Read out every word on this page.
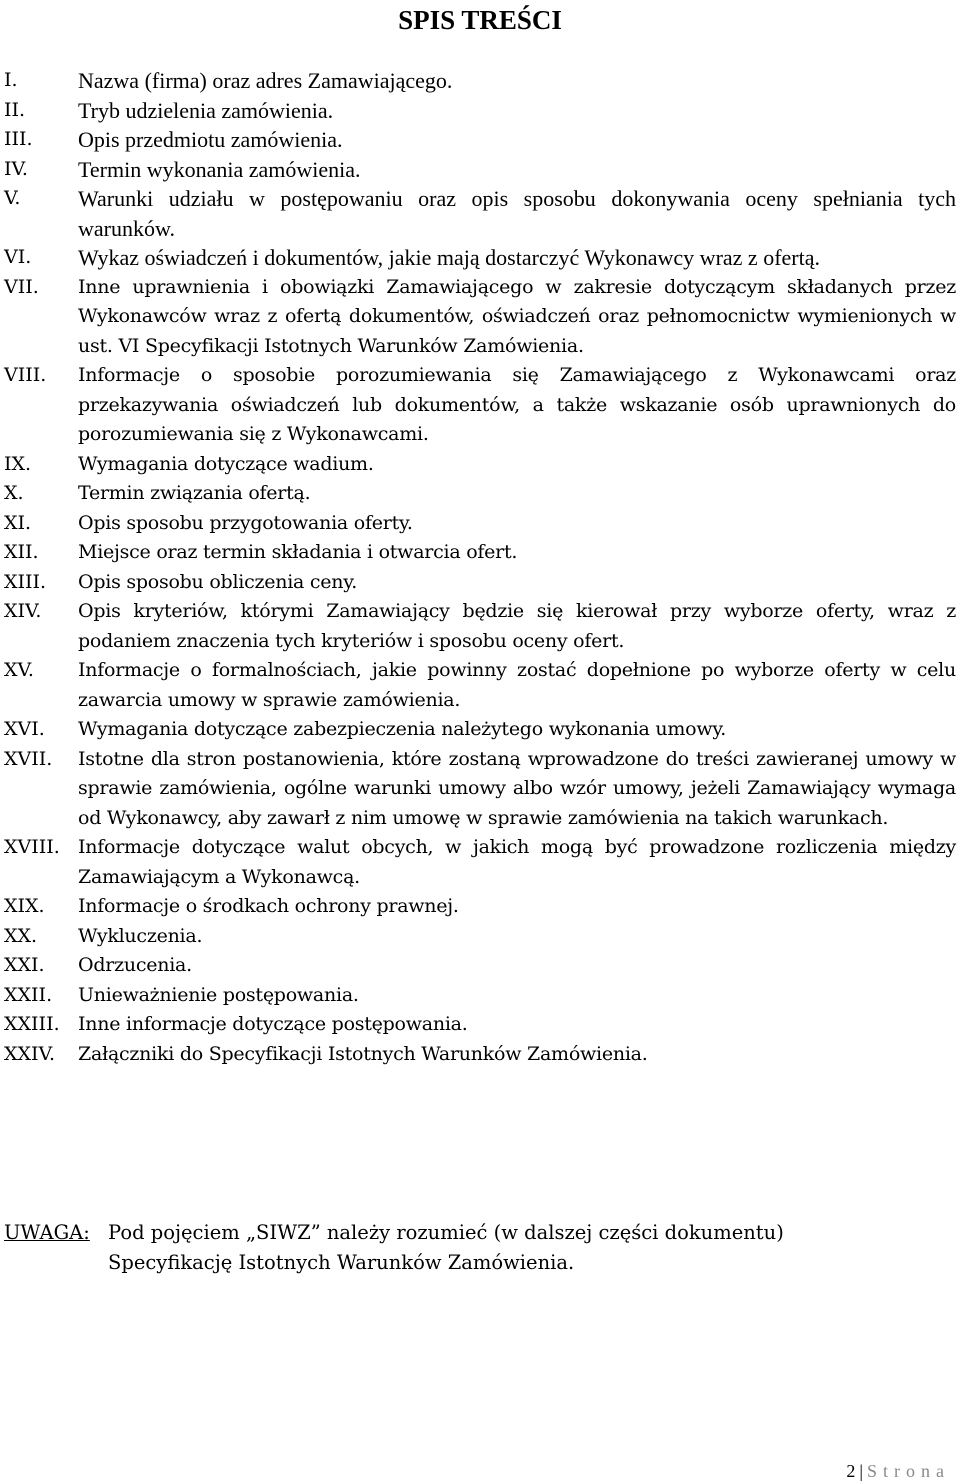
SPIS TREŚCI
I.	Nazwa (firma) oraz adres Zamawiającego.
II.	Tryb udzielenia zamówienia.
III.	Opis przedmiotu zamówienia.
IV.	Termin wykonania zamówienia.
V.	Warunki udziału w postępowaniu oraz opis sposobu dokonywania oceny spełniania tych warunków.
VI.	Wykaz oświadczeń i dokumentów, jakie mają dostarczyć Wykonawcy wraz z ofertą.
VII.	Inne uprawnienia i obowiązki Zamawiającego w zakresie dotyczącym składanych przez Wykonawców wraz z ofertą dokumentów, oświadczeń oraz pełnomocnictw wymienionych w ust. VI Specyfikacji Istotnych Warunków Zamówienia.
VIII.	Informacje o sposobie porozumiewania się Zamawiającego z Wykonawcami oraz przekazywania oświadczeń lub dokumentów, a także wskazanie osób uprawnionych do porozumiewania się z Wykonawcami.
IX.	Wymagania dotyczące wadium.
X.	Termin związania ofertą.
XI.	Opis sposobu przygotowania oferty.
XII.	Miejsce oraz termin składania i otwarcia ofert.
XIII.	Opis sposobu obliczenia ceny.
XIV.	Opis kryteriów, którymi Zamawiający będzie się kierował przy wyborze oferty, wraz z podaniem znaczenia tych kryteriów i sposobu oceny ofert.
XV.	Informacje o formalnościach, jakie powinny zostać dopełnione po wyborze oferty w celu zawarcia umowy w sprawie zamówienia.
XVI.	Wymagania dotyczące zabezpieczenia należytego wykonania umowy.
XVII.	Istotne dla stron postanowienia, które zostaną wprowadzone do treści zawieranej umowy w sprawie zamówienia, ogólne warunki umowy albo wzór umowy, jeżeli Zamawiający wymaga od Wykonawcy, aby zawarł z nim umowę w sprawie zamówienia na takich warunkach.
XVIII. Informacje dotyczące walut obcych, w jakich mogą być prowadzone rozliczenia między Zamawiającym a Wykonawcą.
XIX.	Informacje o środkach ochrony prawnej.
XX.	Wykluczenia.
XXI.	Odrzucenia.
XXII.	Unieważnienie postępowania.
XXIII. Inne informacje dotyczące postępowania.
XXIV.	Załączniki do Specyfikacji Istotnych Warunków Zamówienia.
UWAGA: Pod pojęciem „SIWZ” należy rozumieć (w dalszej części dokumentu)
Specyfikację Istotnych Warunków Zamówienia.
2 | Strona
